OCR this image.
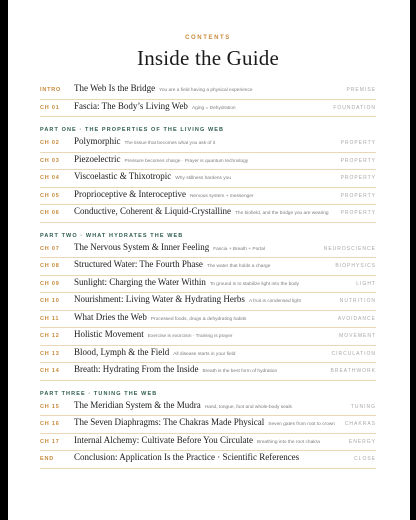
CONTENTS
Inside the Guide
INTRO	The Web Is the Bridge You are a field having a physical experience	PREMISE
CH 01	Fascia: The Body’s Living Web Aging = Dehydration	FOUNDATION
PART ONE · THE PROPERTIES OF THE LIVING WEB
CH 02	Polymorphic The tissue that becomes what you ask of it	PROPERTY
CH 03	Piezoelectric Pressure becomes charge · Prayer is quantum technology	PROPERTY
CH 04	Viscoelastic & Thixotropic Why stillness hardens you	PROPERTY
CH 05	Proprioceptive & Interoceptive Nervous system + messenger	PROPERTY
CH 06	Conductive, Coherent & Liquid-Crystalline The biofield, and the bridge you are wearing PROPERTY
PART TWO · WHAT HYDRATES THE WEB
CH 07	The Nervous System & Inner Feeling Fascia + Breath + Portal	NEUROSCIENCE
CH 08	Structured Water: The Fourth Phase The water that holds a charge	BIOPHYSICS
CH 09	Sunlight: Charging the Water Within To ground is to stabilize light into the body	LIGHT
CH 10	Nourishment: Living Water & Hydrating Herbs A fruit is condensed light	NUTRITION
CH 11	What Dries the Web Processed foods, drugs & dehydrating habits	AVOIDANCE
CH 12	Holistic Movement Exercise is exorcism · Training is prayer	MOVEMENT
CH 13	Blood, Lymph & the Field All disease starts in your field	CIRCULATION
CH 14	Breath: Hydrating From the Inside Breath is the best form of hydration	BREATHWORK
PART THREE · TUNING THE WEB
CH 15	The Meridian System & the Mudra Hand, tongue, foot and whole-body seals	TUNING
CH 16	The Seven Diaphragms: The Chakras Made Physical Seven gates from root to crown CHAKRAS
CH 17	Internal Alchemy: Cultivate Before You Circulate Breathing into the root chakra	ENERGY
END	Conclusion: Application Is the Practice · Scientific References	CLOSE
